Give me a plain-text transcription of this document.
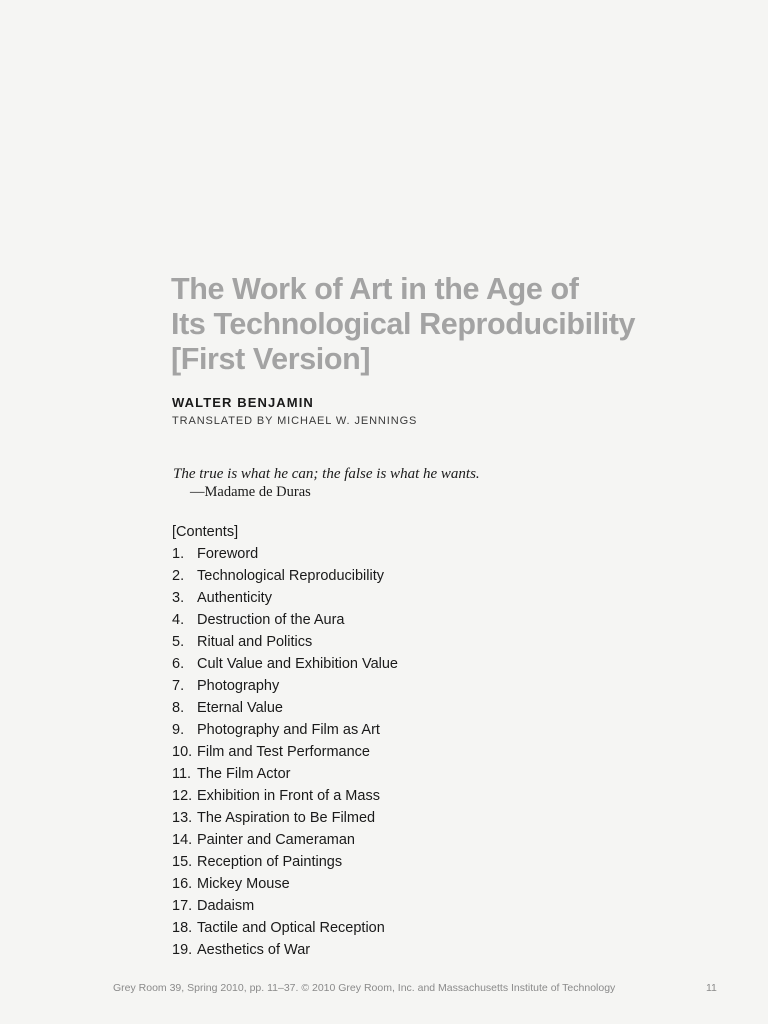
The Work of Art in the Age of
Its Technological Reproducibility
[First Version]
WALTER BENJAMIN
TRANSLATED BY MICHAEL W. JENNINGS
The true is what he can; the false is what he wants.
—Madame de Duras
[Contents]
1. Foreword
2. Technological Reproducibility
3. Authenticity
4. Destruction of the Aura
5. Ritual and Politics
6. Cult Value and Exhibition Value
7. Photography
8. Eternal Value
9. Photography and Film as Art
10. Film and Test Performance
11. The Film Actor
12. Exhibition in Front of a Mass
13. The Aspiration to Be Filmed
14. Painter and Cameraman
15. Reception of Paintings
16. Mickey Mouse
17. Dadaism
18. Tactile and Optical Reception
19. Aesthetics of War
Grey Room 39, Spring 2010, pp. 11–37. © 2010 Grey Room, Inc. and Massachusetts Institute of Technology	11
